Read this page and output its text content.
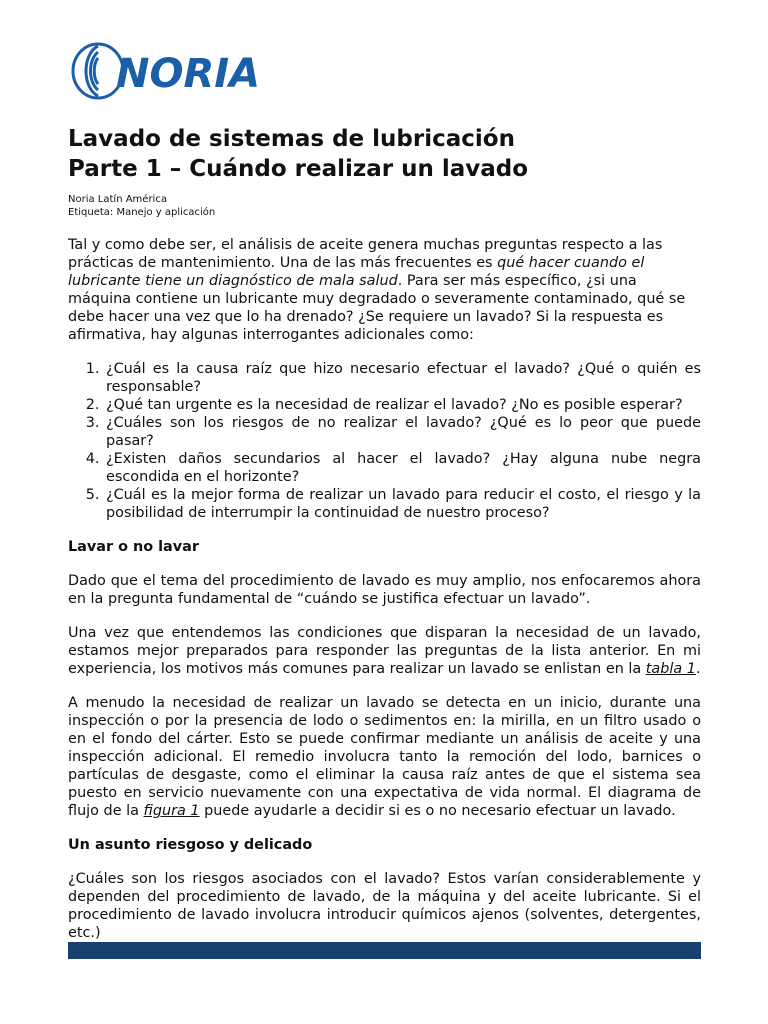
NORIA
Lavado de sistemas de lubricación
Parte 1 – Cuándo realizar un lavado
Noria Latín América
Etiqueta: Manejo y aplicación

Tal y como debe ser, el análisis de aceite genera muchas preguntas respecto a las prácticas de mantenimiento. Una de las más frecuentes es qué hacer cuando el lubricante tiene un diagnóstico de mala salud. Para ser más específico, ¿si una máquina contiene un lubricante muy degradado o severamente contaminado, qué se debe hacer una vez que lo ha drenado? ¿Se requiere un lavado? Si la respuesta es afirmativa, hay algunas interrogantes adicionales como:

1. ¿Cuál es la causa raíz que hizo necesario efectuar el lavado? ¿Qué o quién es responsable?
2. ¿Qué tan urgente es la necesidad de realizar el lavado? ¿No es posible esperar?
3. ¿Cuáles son los riesgos de no realizar el lavado? ¿Qué es lo peor que puede pasar?
4. ¿Existen daños secundarios al hacer el lavado? ¿Hay alguna nube negra escondida en el horizonte?
5. ¿Cuál es la mejor forma de realizar un lavado para reducir el costo, el riesgo y la posibilidad de interrumpir la continuidad de nuestro proceso?
Lavar o no lavar

Dado que el tema del procedimiento de lavado es muy amplio, nos enfocaremos ahora en la pregunta fundamental de “cuándo se justifica efectuar un lavado”.

Una vez que entendemos las condiciones que disparan la necesidad de un lavado, estamos mejor preparados para responder las preguntas de la lista anterior. En mi experiencia, los motivos más comunes para realizar un lavado se enlistan en la tabla 1.

A menudo la necesidad de realizar un lavado se detecta en un inicio, durante una inspección o por la presencia de lodo o sedimentos en: la mirilla, en un filtro usado o en el fondo del cárter. Esto se puede confirmar mediante un análisis de aceite y una inspección adicional. El remedio involucra tanto la remoción del lodo, barnices o partículas de desgaste, como el eliminar la causa raíz antes de que el sistema sea puesto en servicio nuevamente con una expectativa de vida normal. El diagrama de flujo de la figura 1 puede ayudarle a decidir si es o no necesario efectuar un lavado.

Un asunto riesgoso y delicado

¿Cuáles son los riesgos asociados con el lavado? Estos varían considerablemente y dependen del procedimiento de lavado, de la máquina y del aceite lubricante. Si el procedimiento de lavado involucra introducir químicos ajenos (solventes, detergentes, etc.)
